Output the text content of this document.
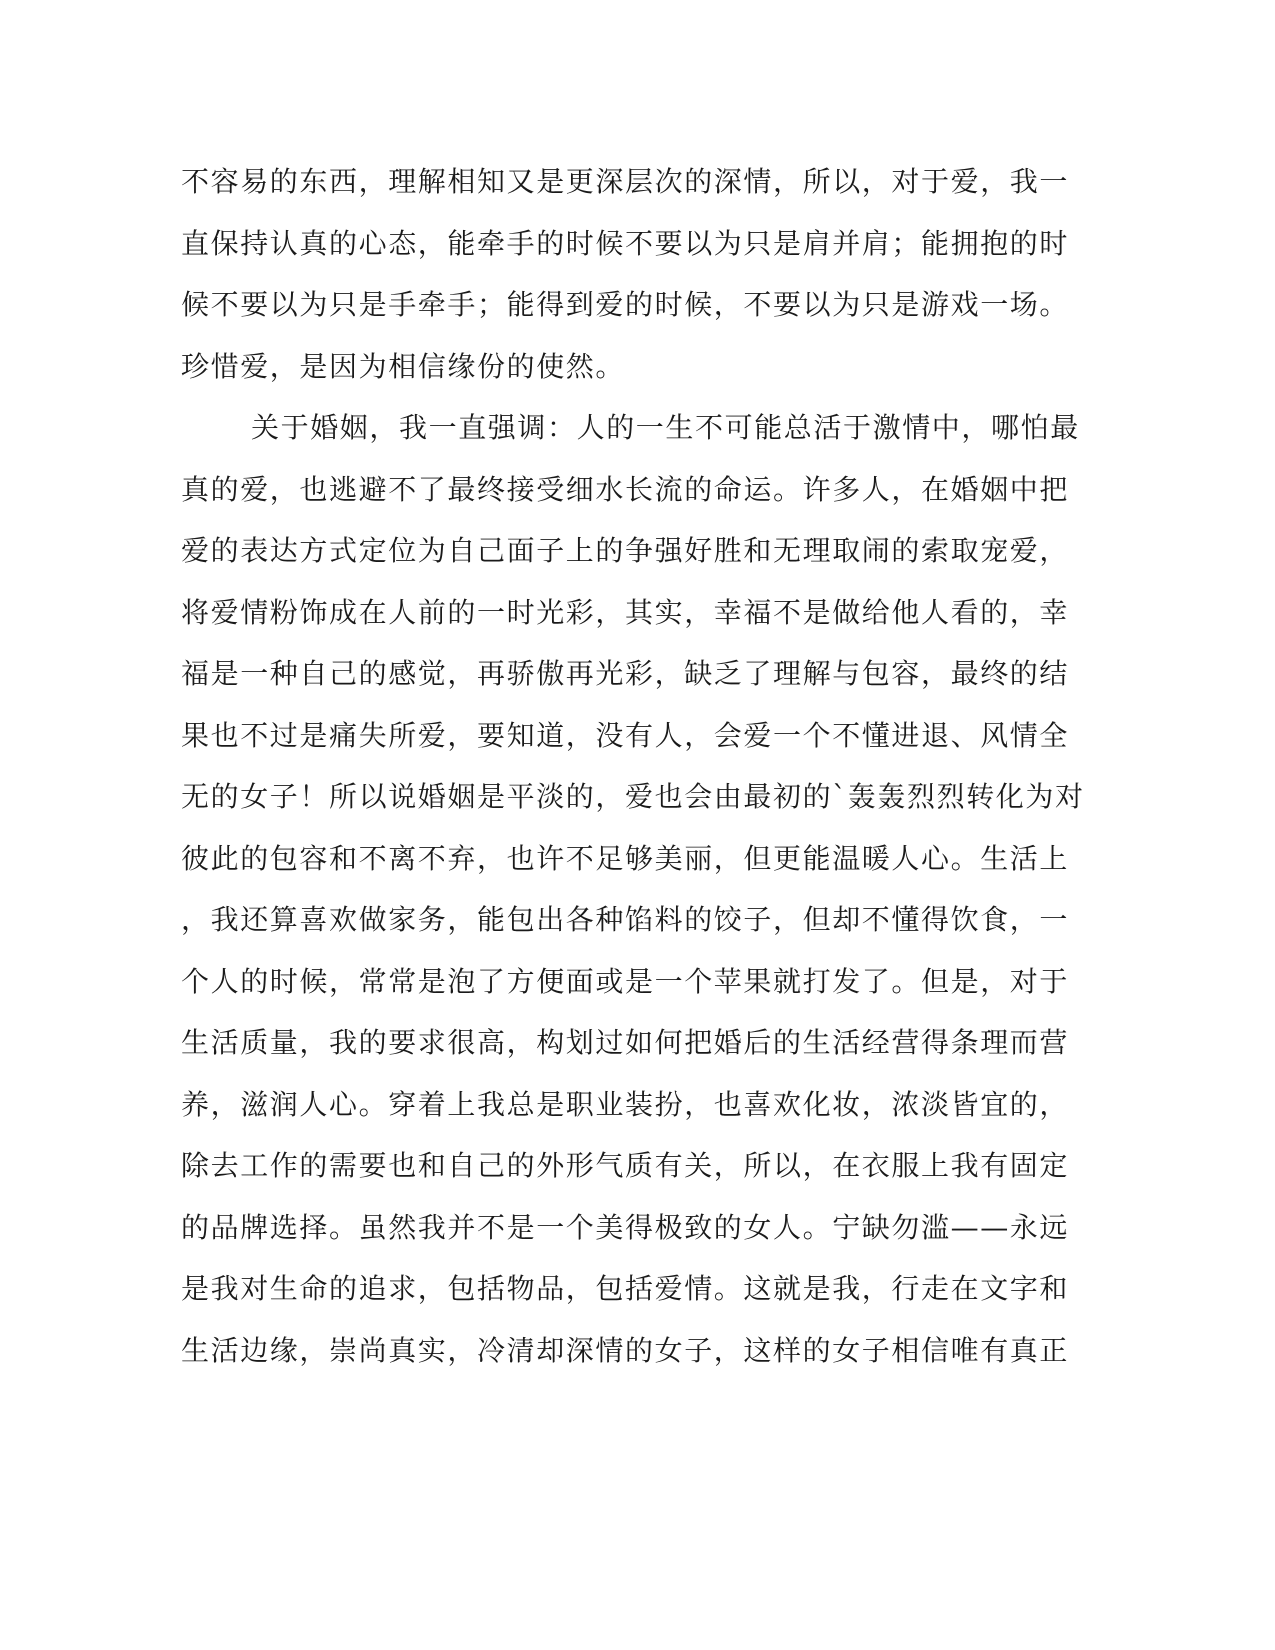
不容易的东西，理解相知又是更深层次的深情，所以，对于爱，我一
直保持认真的心态，能牵手的时候不要以为只是肩并肩；能拥抱的时
候不要以为只是手牵手；能得到爱的时候，不要以为只是游戏一场。
珍惜爱，是因为相信缘份的使然。
关于婚姻，我一直强调：人的一生不可能总活于激情中，哪怕最
真的爱，也逃避不了最终接受细水长流的命运。许多人，在婚姻中把
爱的表达方式定位为自己面子上的争强好胜和无理取闹的索取宠爱，
将爱情粉饰成在人前的一时光彩，其实，幸福不是做给他人看的，幸
福是一种自己的感觉，再骄傲再光彩，缺乏了理解与包容，最终的结
果也不过是痛失所爱，要知道，没有人，会爱一个不懂进退、风情全
无的女子！所以说婚姻是平淡的，爱也会由最初的`轰轰烈烈转化为对
彼此的包容和不离不弃，也许不足够美丽，但更能温暖人心。生活上
，我还算喜欢做家务，能包出各种馅料的饺子，但却不懂得饮食，一
个人的时候，常常是泡了方便面或是一个苹果就打发了。但是，对于
生活质量，我的要求很高，构划过如何把婚后的生活经营得条理而营
养，滋润人心。穿着上我总是职业装扮，也喜欢化妆，浓淡皆宜的，
除去工作的需要也和自己的外形气质有关，所以，在衣服上我有固定
的品牌选择。虽然我并不是一个美得极致的女人。宁缺勿滥——永远
是我对生命的追求，包括物品，包括爱情。这就是我，行走在文字和
生活边缘，崇尚真实，冷清却深情的女子，这样的女子相信唯有真正
